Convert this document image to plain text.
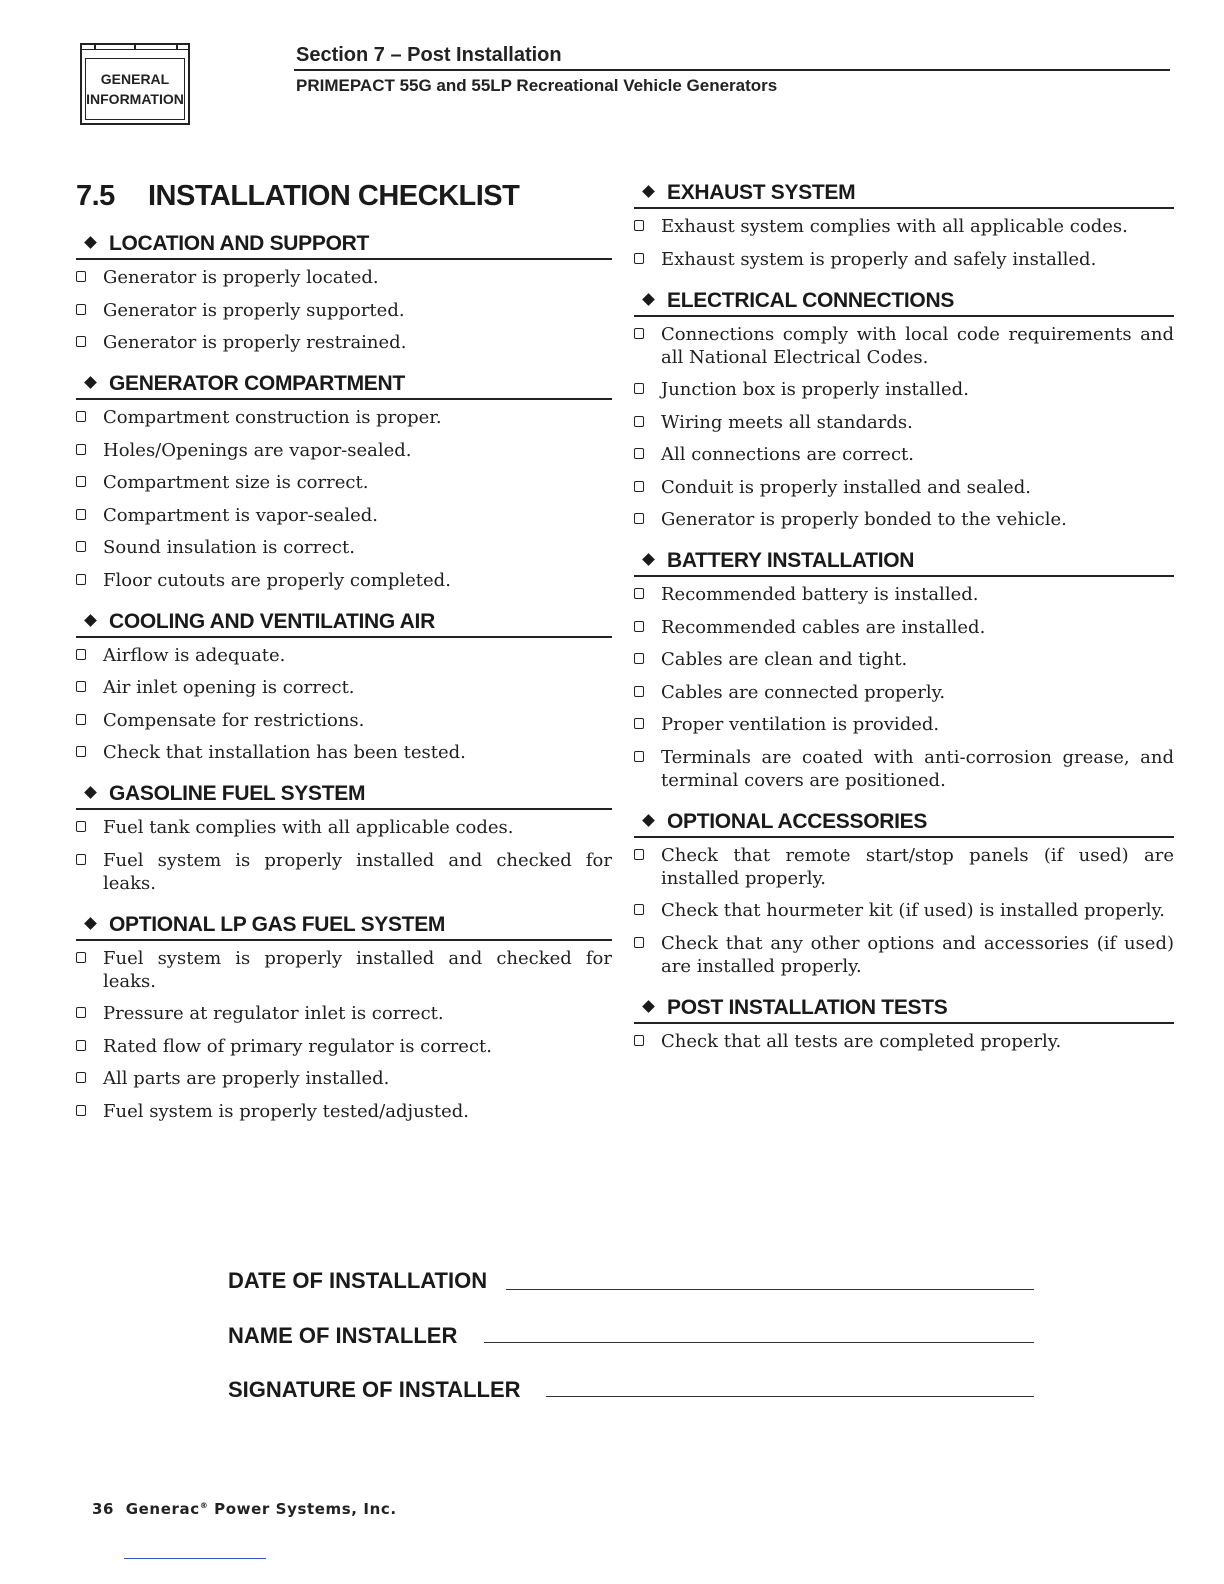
GENERAL
INFORMATION
Section 7 – Post Installation
PRIMEPACT 55G and 55LP Recreational Vehicle Generators
7.5 INSTALLATION CHECKLIST
LOCATION AND SUPPORT
Generator is properly located.
Generator is properly supported.
Generator is properly restrained.
GENERATOR COMPARTMENT
Compartment construction is proper.
Holes/Openings are vapor-sealed.
Compartment size is correct.
Compartment is vapor-sealed.
Sound insulation is correct.
Floor cutouts are properly completed.
COOLING AND VENTILATING AIR
Airflow is adequate.
Air inlet opening is correct.
Compensate for restrictions.
Check that installation has been tested.
GASOLINE FUEL SYSTEM
Fuel tank complies with all applicable codes.
Fuel system is properly installed and checked for leaks.
OPTIONAL LP GAS FUEL SYSTEM
Fuel system is properly installed and checked for leaks.
Pressure at regulator inlet is correct.
Rated flow of primary regulator is correct.
All parts are properly installed.
Fuel system is properly tested/adjusted.
EXHAUST SYSTEM
Exhaust system complies with all applicable codes.
Exhaust system is properly and safely installed.
ELECTRICAL CONNECTIONS
Connections comply with local code requirements and all National Electrical Codes.
Junction box is properly installed.
Wiring meets all standards.
All connections are correct.
Conduit is properly installed and sealed.
Generator is properly bonded to the vehicle.
BATTERY INSTALLATION
Recommended battery is installed.
Recommended cables are installed.
Cables are clean and tight.
Cables are connected properly.
Proper ventilation is provided.
Terminals are coated with anti-corrosion grease, and terminal covers are positioned.
OPTIONAL ACCESSORIES
Check that remote start/stop panels (if used) are installed properly.
Check that hourmeter kit (if used) is installed properly.
Check that any other options and accessories (if used) are installed properly.
POST INSTALLATION TESTS
Check that all tests are completed properly.
DATE OF INSTALLATION
NAME OF INSTALLER
SIGNATURE OF INSTALLER
36 Generac® Power Systems, Inc.
